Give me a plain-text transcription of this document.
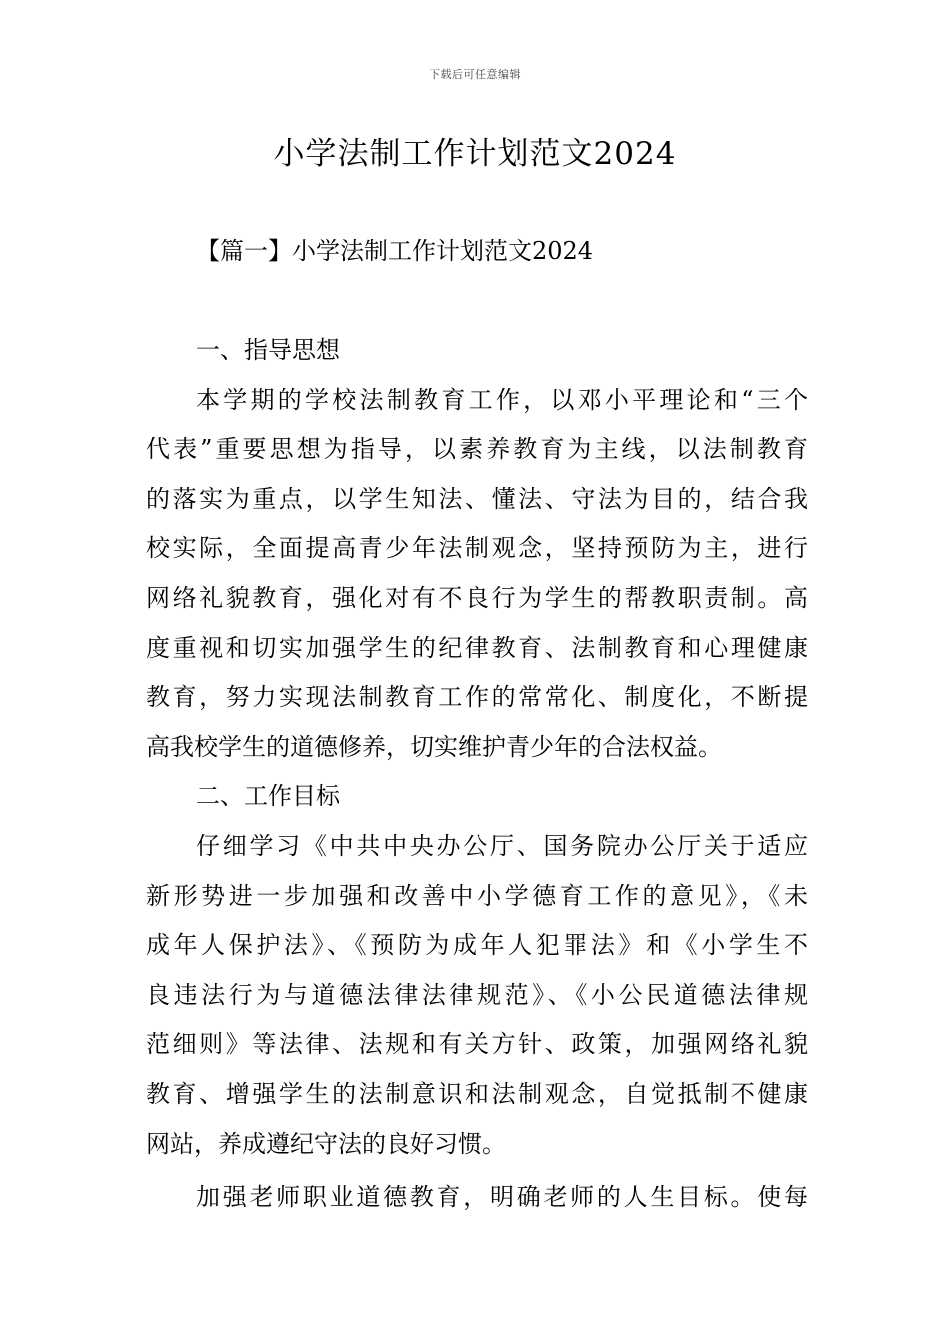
下载后可任意编辑
小学法制工作计划范文2024
【篇一】小学法制工作计划范文2024
一、指导思想
本学期的学校法制教育工作，以邓小平理论和“三个
代表”重要思想为指导，以素养教育为主线，以法制教育
的落实为重点，以学生知法、懂法、守法为目的，结合我
校实际，全面提高青少年法制观念，坚持预防为主，进行
网络礼貌教育，强化对有不良行为学生的帮教职责制。高
度重视和切实加强学生的纪律教育、法制教育和心理健康
教育，努力实现法制教育工作的常常化、制度化，不断提
高我校学生的道德修养，切实维护青少年的合法权益。
二、工作目标
仔细学习《中共中央办公厅、国务院办公厅关于适应
新形势进一步加强和改善中小学德育工作的意见》，《未
成年人保护法》、《预防为成年人犯罪法》和《小学生不
良违法行为与道德法律法律规范》、《小公民道德法律规
范细则》等法律、法规和有关方针、政策，加强网络礼貌
教育、增强学生的法制意识和法制观念，自觉抵制不健康
网站，养成遵纪守法的良好习惯。
加强老师职业道德教育，明确老师的人生目标。使每
